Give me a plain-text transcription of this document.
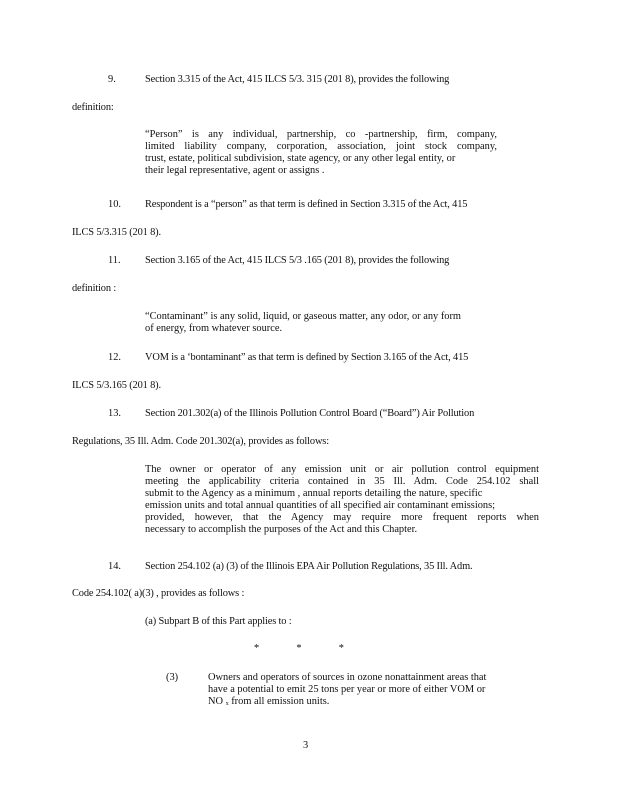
9.	Section 3.315 of the Act, 415 ILCS 5/3. 315 (201 8), provides the following
definition:
“Person” is any individual, partnership, co -partnership, firm, company,
limited liability company, corporation, association, joint stock company,
trust, estate, political subdivision, state agency, or any other legal entity, or
their legal representative, agent or assigns .
10. Respondent is a “person” as that term is defined in Section 3.315 of the Act, 415
ILCS 5/3.315 (201 8).
11. Section 3.165 of the Act, 415 ILCS 5/3 .165 (201 8), provides the following
definition :
“Contaminant” is any solid, liquid, or gaseous matter, any odor, or any form
of energy, from whatever source.
12. VOM is a ‘bontaminant” as that term is defined by Section 3.165 of the Act, 415
ILCS 5/3.165 (201 8).
13. Section 201.302(a) of the Illinois Pollution Control Board (“Board”) Air Pollution
Regulations, 35 Ill. Adm. Code 201.302(a), provides as follows:
The owner or operator of any emission unit or air pollution control equipment
meeting the applicability criteria contained in 35 Ill. Adm. Code 254.102 shall
submit to the Agency as a minimum , annual reports detailing the nature, specific
emission units and total annual quantities of all specified air contaminant emissions;
provided, however, that the Agency may require more frequent reports when
necessary to accomplish the purposes of the Act and this Chapter.
14. Section 254.102 (a) (3) of the Illinois EPA Air Pollution Regulations, 35 Ill. Adm.
Code 254.102( a)(3) , provides as follows :
(a) Subpart B of this Part applies to :
*	*	*
(3)	Owners and operators of sources in ozone nonattainment areas that
have a potential to emit 25 tons per year or more of either VOM or
NO ₓ from all emission units.
3
